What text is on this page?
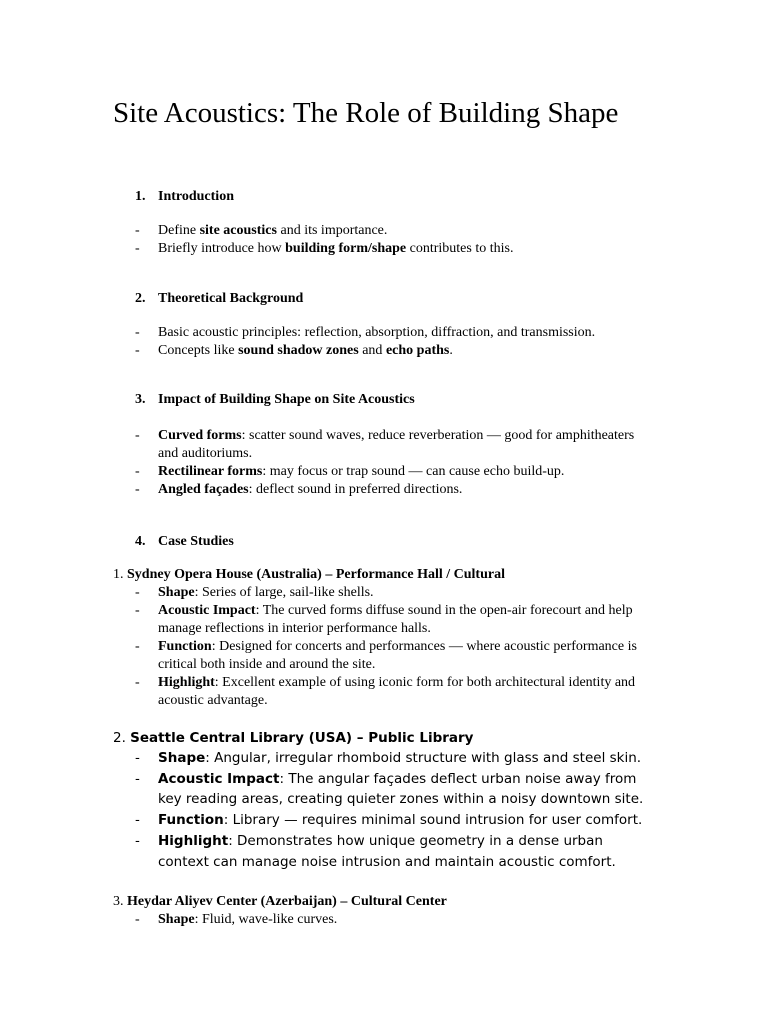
Site Acoustics: The Role of Building Shape
1. Introduction
- Define site acoustics and its importance.
- Briefly introduce how building form/shape contributes to this.
2. Theoretical Background
- Basic acoustic principles: reflection, absorption, diffraction, and transmission.
- Concepts like sound shadow zones and echo paths.
3. Impact of Building Shape on Site Acoustics
- Curved forms: scatter sound waves, reduce reverberation — good for amphitheaters and auditoriums.
- Rectilinear forms: may focus or trap sound — can cause echo build-up.
- Angled façades: deflect sound in preferred directions.
4. Case Studies
1. Sydney Opera House (Australia) – Performance Hall / Cultural
- Shape: Series of large, sail-like shells.
- Acoustic Impact: The curved forms diffuse sound in the open-air forecourt and help manage reflections in interior performance halls.
- Function: Designed for concerts and performances — where acoustic performance is critical both inside and around the site.
- Highlight: Excellent example of using iconic form for both architectural identity and acoustic advantage.
2. Seattle Central Library (USA) – Public Library
- Shape: Angular, irregular rhomboid structure with glass and steel skin.
- Acoustic Impact: The angular façades deflect urban noise away from key reading areas, creating quieter zones within a noisy downtown site.
- Function: Library — requires minimal sound intrusion for user comfort.
- Highlight: Demonstrates how unique geometry in a dense urban context can manage noise intrusion and maintain acoustic comfort.
3. Heydar Aliyev Center (Azerbaijan) – Cultural Center
- Shape: Fluid, wave-like curves.
